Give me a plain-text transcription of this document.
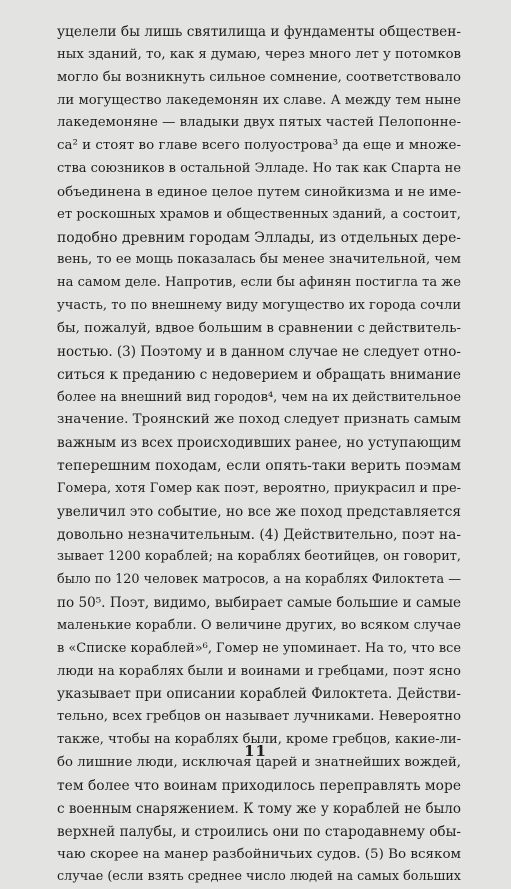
уцелели бы лишь святилища и фундаменты обществен-
ных зданий, то, как я думаю, через много лет у потомков
могло бы возникнуть сильное сомнение, соответствовало
ли могущество лакедемонян их славе. А между тем ныне
лакедемоняне — владыки двух пятых частей Пелопонне-
са² и стоят во главе всего полуострова³ да еще и множе-
ства союзников в остальной Элладе. Но так как Спарта не
объединена в единое целое путем синойкизма и не име-
ет роскошных храмов и общественных зданий, а состоит,
подобно древним городам Эллады, из отдельных дере-
вень, то ее мощь показалась бы менее значительной, чем
на самом деле. Напротив, если бы афинян постигла та же
участь, то по внешнему виду могущество их города сочли
бы, пожалуй, вдвое большим в сравнении с действитель-
ностью. (3) Поэтому и в данном случае не следует отно-
ситься к преданию с недоверием и обращать внимание
более на внешний вид городов⁴, чем на их действительное
значение. Троянский же поход следует признать самым
важным из всех происходивших ранее, но уступающим
теперешним походам, если опять-таки верить поэмам
Гомера, хотя Гомер как поэт, вероятно, приукрасил и пре-
увеличил это событие, но все же поход представляется
довольно незначительным. (4) Действительно, поэт на-
зывает 1200 кораблей; на кораблях беотийцев, он говорит,
было по 120 человек матросов, а на кораблях Филоктета —
по 50⁵. Поэт, видимо, выбирает самые большие и самые
маленькие корабли. О величине других, во всяком случае
в «Списке кораблей»⁶, Гомер не упоминает. На то, что все
люди на кораблях были и воинами и гребцами, поэт ясно
указывает при описании кораблей Филоктета. Действи-
тельно, всех гребцов он называет лучниками. Невероятно
также, чтобы на кораблях были, кроме гребцов, какие-ли-
бо лишние люди, исключая царей и знатнейших вождей,
тем более что воинам приходилось переправлять море
с военным снаряжением. К тому же у кораблей не было
верхней палубы, и строились они по стародавнему обы-
чаю скорее на манер разбойничьих судов. (5) Во всяком
случае (если взять среднее число людей на самых больших
11
